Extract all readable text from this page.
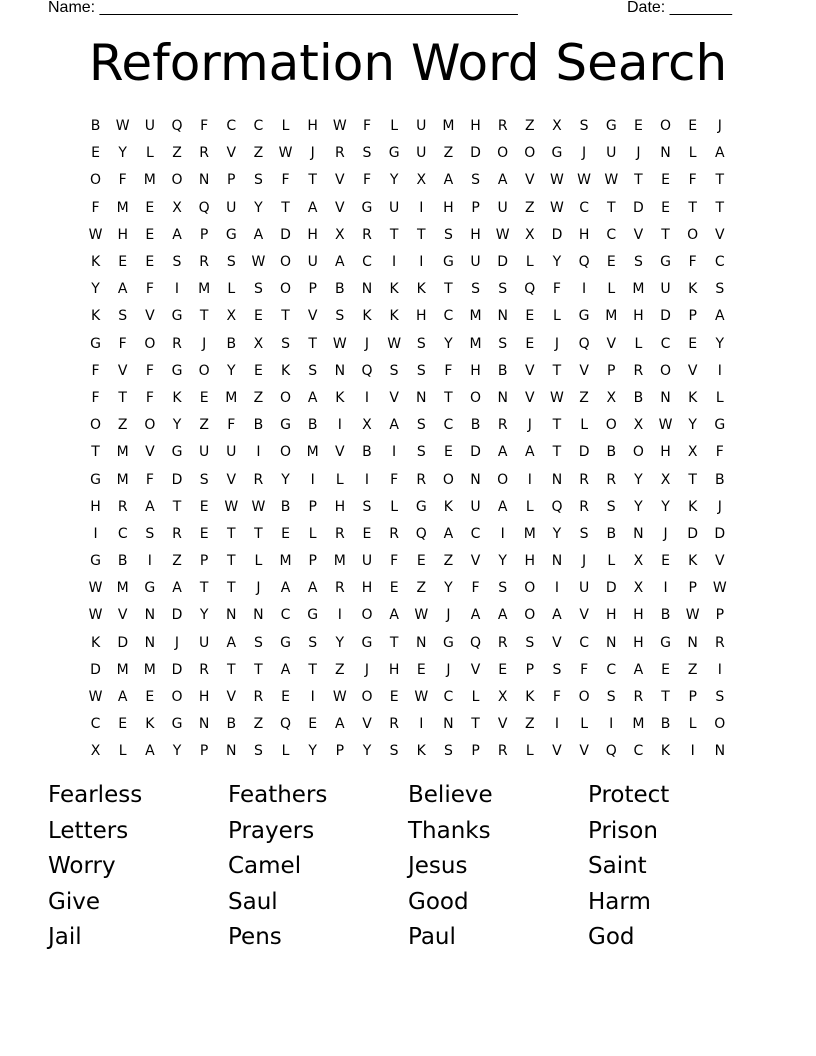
Name: _______________________________________________	Date: _______
Reformation Word Search
B	W	U	Q	F	C	C	L	H	W	F	L	U	M	H	R	Z	X	S	G	E	O	E	J
E	Y	L	Z	R	V	Z	W	J	R	S	G	U	Z	D	O	O	G	J	U	J	N	L	A
O	F	M	O	N	P	S	F	T	V	F	Y	X	A	S	A	V	W W W	T	E	F	T
F	M	E	X	Q	U	Y	T	A	V	G	U	I	H	P	U	Z	W	C	T	D	E	T	T
W	H	E	A	P	G	A	D	H	X	R	T	T	S	H	W	X	D	H	C	V	T	O	V
K	E	E	S	R	S	W	O	U	A	C	I	I	G	U	D	L	Y	Q	E	S	G	F	C
Y	A	F	I	M	L	S	O	P	B	N	K	K	T	S	S	Q	F	I	L	M	U	K	S
K	S	V	G	T	X	E	T	V	S	K	K	H	C	M	N	E	L	G	M	H	D	P	A
G	F	O	R	J	B	X	S	T	W	J	W	S	Y	M	S	E	J	Q	V	L	C	E	Y
F	V	F	G	O	Y	E	K	S	N	Q	S	S	F	H	B	V	T	V	P	R	O	V	I
F	T	F	K	E	M	Z	O	A	K	I	V	N	T	O	N	V	W	Z	X	B	N	K	L
O	Z	O	Y	Z	F	B	G	B	I	X	A	S	C	B	R	J	T	L	O	X	W	Y	G
T	M	V	G	U	U	I	O	M	V	B	I	S	E	D	A	A	T	D	B	O	H	X	F
G	M	F	D	S	V	R	Y	I	L	I	F	R	O	N	O	I	N	R	R	Y	X	T	B
H	R	A	T	E	W W	B	P	H	S	L	G	K	U	A	L	Q	R	S	Y	Y	K	J
I	C	S	R	E	T	T	E	L	R	E	R	Q	A	C	I	M	Y	S	B	N	J	D	D
G	B	I	Z	P	T	L	M	P	M	U	F	E	Z	V	Y	H	N	J	L	X	E	K	V
W	M	G	A	T	T	J	A	A	R	H	E	Z	Y	F	S	O	I	U	D	X	I	P	W
W	V	N	D	Y	N	N	C	G	I	O	A	W	J	A	A	O	A	V	H	H	B	W	P
K	D	N	J	U	A	S	G	S	Y	G	T	N	G	Q	R	S	V	C	N	H	G	N	R
D	M	M	D	R	T	T	A	T	Z	J	H	E	J	V	E	P	S	F	C	A	E	Z	I
W	A	E	O	H	V	R	E	I	W	O	E	W	C	L	X	K	F	O	S	R	T	P	S
C	E	K	G	N	B	Z	Q	E	A	V	R	I	N	T	V	Z	I	L	I	M	B	L	O
X	L	A	Y	P	N	S	L	Y	P	Y	S	K	S	P	R	L	V	V	Q	C	K	I	N
Fearless	Feathers	Believe	Protect
Letters	Prayers	Thanks	Prison
Worry	Camel	Jesus	Saint
Give	Saul	Good	Harm
Jail	Pens	Paul	God
